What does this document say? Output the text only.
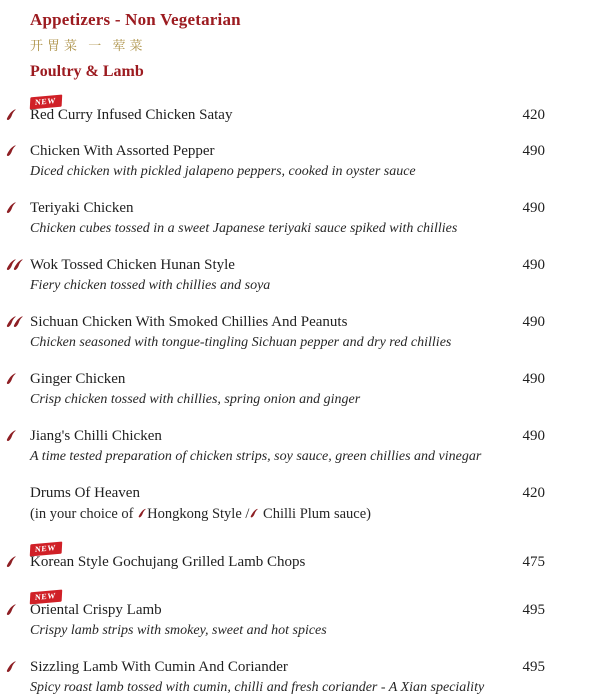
Appetizers - Non Vegetarian
开胃菜 一 荤菜
Poultry & Lamb
NEW
Red Curry Infused Chicken Satay	420
Chicken With Assorted Pepper	490
Diced chicken with pickled jalapeno peppers, cooked in oyster sauce
Teriyaki Chicken	490
Chicken cubes tossed in a sweet Japanese teriyaki sauce spiked with chillies
Wok Tossed Chicken Hunan Style	490
Fiery chicken tossed with chillies and soya
Sichuan Chicken With Smoked Chillies And Peanuts	490
Chicken seasoned with tongue-tingling Sichuan pepper and dry red chillies
Ginger Chicken	490
Crisp chicken tossed with chillies, spring onion and ginger
Jiang's Chilli Chicken	490
A time tested preparation of chicken strips, soy sauce, green chillies and vinegar
Drums Of Heaven	420
(in your choice of Hongkong Style / Chilli Plum sauce)
NEW
Korean Style Gochujang Grilled Lamb Chops	475
NEW
Oriental Crispy Lamb	495
Crispy lamb strips with smokey, sweet and hot spices
Sizzling Lamb With Cumin And Coriander	495
Spicy roast lamb tossed with cumin, chilli and fresh coriander - A Xian speciality
